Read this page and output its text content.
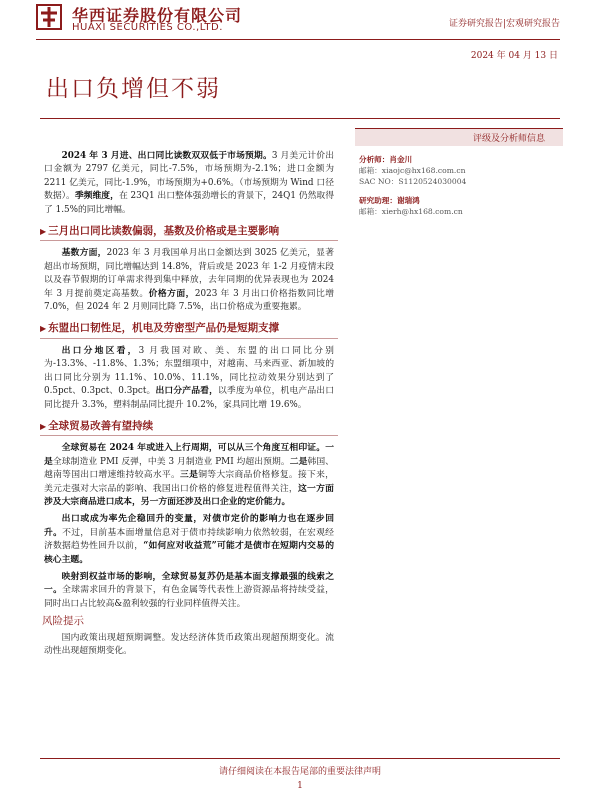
华西证券股份有限公司
HUAXI SECURITIES CO.,LTD.	证券研究报告|宏观研究报告
2024 年 04 月 13 日
出口负增但不弱
评级及分析师信息
分析师：肖金川
邮箱：xiaojc@hx168.com.cn
SAC NO：S1120524030004
研究助理：谢瑞鸿
邮箱：xierh@hx168.com.cn

2024 年 3 月进、出口同比读数双双低于市场预期。3 月美元计价出口金额为 2797 亿美元，同比-7.5%，市场预期为-2.1%；进口金额为 2211 亿美元，同比-1.9%，市场预期为+0.6%。（市场预期为 Wind 口径数据）。季频维度，在 23Q1 出口整体强劲增长的背景下，24Q1 仍然取得了 1.5%的同比增幅。

▶ 三月出口同比读数偏弱，基数及价格或是主要影响

基数方面，2023 年 3 月我国单月出口金额达到 3025 亿美元，显著超出市场预期，同比增幅达到 14.8%，背后或是 2023 年 1-2 月疫情末段以及春节假期的订单需求得到集中释放，去年同期的优异表现也为 2024 年 3 月提前奠定高基数。价格方面，2023 年 3 月出口价格指数同比增 7.0%，但 2024 年 2 月则同比降 7.5%，出口价格成为重要拖累。

▶ 东盟出口韧性足，机电及劳密型产品仍是短期支撑

出口分地区看，3 月我国对欧、美、东盟的出口同比分别为-13.3%、-11.8%、1.3%；东盟细项中，对越南、马来西亚、新加坡的出口同比分别为 11.1%、10.0%、11.1%，同比拉动效果分别达到了 0.5pct、0.3pct、0.3pct。出口分产品看，以季度为单位，机电产品出口同比提升 3.3%，塑料制品同比提升 10.2%，家具同比增 19.6%。

▶ 全球贸易改善有望持续

全球贸易在 2024 年或进入上行周期，可以从三个角度互相印证。一是全球制造业 PMI 反弹，中美 3 月制造业 PMI 均超出预期。二是韩国、越南等国出口增速维持较高水平。三是铜等大宗商品价格修复。接下来，美元走强对大宗品的影响、我国出口价格的修复进程值得关注，这一方面涉及大宗商品进口成本，另一方面还涉及出口企业的定价能力。

出口或成为率先企稳回升的变量，对债市定价的影响力也在逐步回升。不过，目前基本面增量信息对于债市持续影响力依然较弱，在宏观经济数据趋势性回升以前，“如何应对收益荒”可能才是债市在短期内交易的核心主题。

映射到权益市场的影响，全球贸易复苏仍是基本面支撑最强的线索之一。全球需求回升的背景下，有色金属等代表性上游资源品将持续受益，同时出口占比较高&盈利较强的行业同样值得关注。

风险提示

国内政策出现超预期调整。发达经济体货币政策出现超预期变化。流动性出现超预期变化。

请仔细阅读在本报告尾部的重要法律声明
1
